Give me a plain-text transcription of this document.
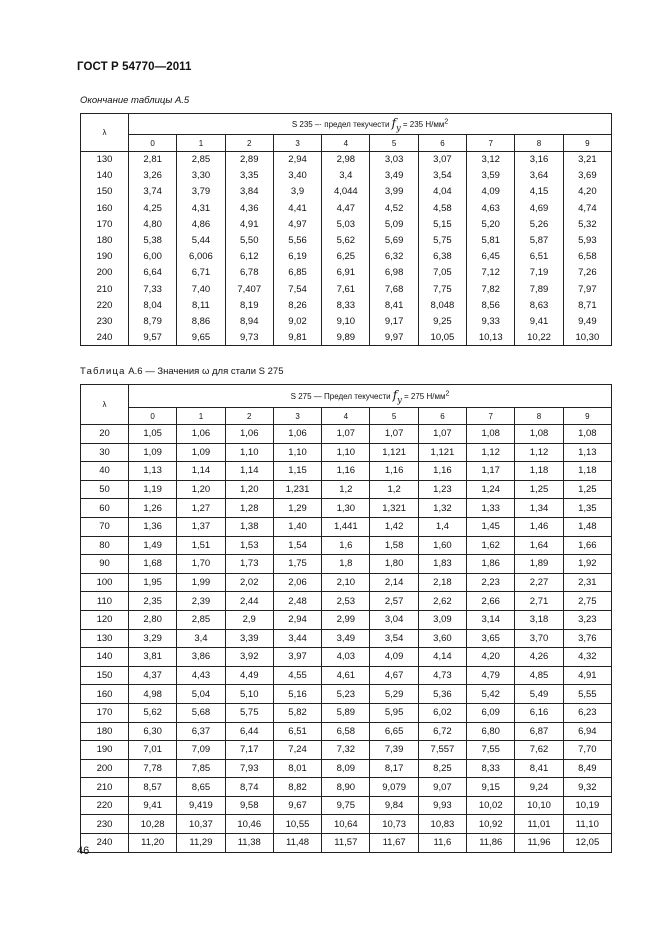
ГОСТ Р 54770—2011
Окончание таблицы А.5
λ	S 235 –· предел текучести $f_y = 235$ $Н/мм^2$
	0	1	2	3	4	5	6	7	8	9
130	2,81	2,85	2,89	2,94	2,98	3,03	3,07	3,12	3,16	3,21
140	3,26	3,30	3,35	3,40	3,4	3,49	3,54	3,59	3,64	3,69
150	3,74	3,79	3,84	3,9	4,044	3,99	4,04	4,09	4,15	4,20
160	4,25	4,31	4,36	4,41	4,47	4,52	4,58	4,63	4,69	4,74
170	4,80	4,86	4,91	4,97	5,03	5,09	5,15	5,20	5,26	5,32
180	5,38	5,44	5,50	5,56	5,62	5,69	5,75	5,81	5,87	5,93
190	6,00	6,006	6,12	6,19	6,25	6,32	6,38	6,45	6,51	6,58
200	6,64	6,71	6,78	6,85	6,91	6,98	7,05	7,12	7,19	7,26
210	7,33	7,40	7,407	7,54	7,61	7,68	7,75	7,82	7,89	7,97
220	8,04	8,11	8,19	8,26	8,33	8,41	8,048	8,56	8,63	8,71
230	8,79	8,86	8,94	9,02	9,10	9,17	9,25	9,33	9,41	9,49
240	9,57	9,65	9,73	9,81	9,89	9,97	10,05	10,13	10,22	10,30
Таблица А.6 — Значения ω для стали S 275
λ	S 275 — Предел текучести $f_y = 275$ $Н/мм^2$
	0	1	2	3	4	5	6	7	8	9
20	1,05	1,06	1,06	1,06	1,07	1,07	1,07	1,08	1,08	1,08
30	1,09	1,09	1,10	1,10	1,10	1,121	1,121	1,12	1,12	1,13
40	1,13	1,14	1,14	1,15	1,16	1,16	1,16	1,17	1,18	1,18
50	1,19	1,20	1,20	1,231	1,2	1,2	1,23	1,24	1,25	1,25
60	1,26	1,27	1,28	1,29	1,30	1,321	1,32	1,33	1,34	1,35
70	1,36	1,37	1,38	1,40	1,441	1,42	1,4	1,45	1,46	1,48
80	1,49	1,51	1,53	1,54	1,6	1,58	1,60	1,62	1,64	1,66
90	1,68	1,70	1,73	1,75	1,8	1,80	1,83	1,86	1,89	1,92
100	1,95	1,99	2,02	2,06	2,10	2,14	2,18	2,23	2,27	2,31
110	2,35	2,39	2,44	2,48	2,53	2,57	2,62	2,66	2,71	2,75
120	2,80	2,85	2,9	2,94	2,99	3,04	3,09	3,14	3,18	3,23
130	3,29	3,4	3,39	3,44	3,49	3,54	3,60	3,65	3,70	3,76
140	3,81	3,86	3,92	3,97	4,03	4,09	4,14	4,20	4,26	4,32
150	4,37	4,43	4,49	4,55	4,61	4,67	4,73	4,79	4,85	4,91
160	4,98	5,04	5,10	5,16	5,23	5,29	5,36	5,42	5,49	5,55
170	5,62	5,68	5,75	5,82	5,89	5,95	6,02	6,09	6,16	6,23
180	6,30	6,37	6,44	6,51	6,58	6,65	6,72	6,80	6,87	6,94
190	7,01	7,09	7,17	7,24	7,32	7,39	7,557	7,55	7,62	7,70
200	7,78	7,85	7,93	8,01	8,09	8,17	8,25	8,33	8,41	8,49
210	8,57	8,65	8,74	8,82	8,90	9,079	9,07	9,15	9,24	9,32
220	9,41	9,419	9,58	9,67	9,75	9,84	9,93	10,02	10,10	10,19
230	10,28	10,37	10,46	10,55	10,64	10,73	10,83	10,92	11,01	11,10
240	11,20	11,29	11,38	11,48	11,57	11,67	11,6	11,86	11,96	12,05
46
